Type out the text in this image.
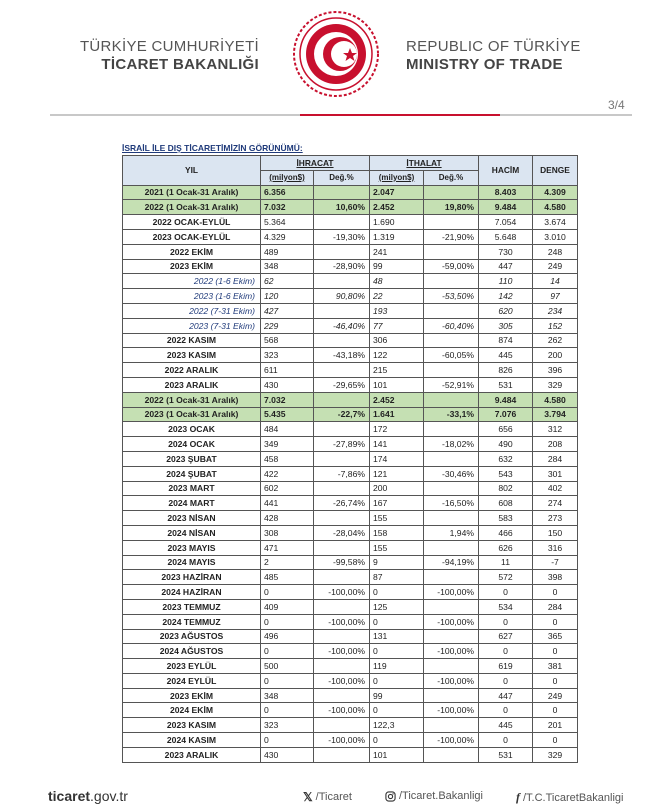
TÜRKİYE CUMHURİYETİ
TİCARET BAKANLIĞI
REPUBLIC OF TÜRKİYE
MINISTRY OF TRADE
3/4
İSRAİL İLE DIŞ TİCARETİMİZİN GÖRÜNÜMÜ:
YIL	İHRACAT		İTHALAT		HACİM	DENGE
	(milyon$)	Değ.%	(milyon$)	Değ.%		
2021 (1 Ocak-31 Aralık)	6.356		2.047		8.403	4.309
2022 (1 Ocak-31 Aralık)	7.032	10,60%	2.452	19,80%	9.484	4.580
2022 OCAK-EYLÜL	5.364		1.690		7.054	3.674
2023 OCAK-EYLÜL	4.329	-19,30%	1.319	-21,90%	5.648	3.010
2022 EKİM	489		241		730	248
2023 EKİM	348	-28,90%	99	-59,00%	447	249
2022 (1-6 Ekim)	62		48		110	14
2023 (1-6 Ekim)	120	90,80%	22	-53,50%	142	97
2022 (7-31 Ekim)	427		193		620	234
2023 (7-31 Ekim)	229	-46,40%	77	-60,40%	305	152
2022 KASIM	568		306		874	262
2023 KASIM	323	-43,18%	122	-60,05%	445	200
2022 ARALIK	611		215		826	396
2023 ARALIK	430	-29,65%	101	-52,91%	531	329
2022 (1 Ocak-31 Aralık)	7.032		2.452		9.484	4.580
2023 (1 Ocak-31 Aralık)	5.435	-22,7%	1.641	-33,1%	7.076	3.794
2023 OCAK	484		172		656	312
2024 OCAK	349	-27,89%	141	-18,02%	490	208
2023 ŞUBAT	458		174		632	284
2024 ŞUBAT	422	-7,86%	121	-30,46%	543	301
2023 MART	602		200		802	402
2024 MART	441	-26,74%	167	-16,50%	608	274
2023 NİSAN	428		155		583	273
2024 NİSAN	308	-28,04%	158	1,94%	466	150
2023 MAYIS	471		155		626	316
2024 MAYIS	2	-99,58%	9	-94,19%	11	-7
2023 HAZİRAN	485		87		572	398
2024 HAZİRAN	0	-100,00%	0	-100,00%	0	0
2023 TEMMUZ	409		125		534	284
2024 TEMMUZ	0	-100,00%	0	-100,00%	0	0
2023 AĞUSTOS	496		131		627	365
2024 AĞUSTOS	0	-100,00%	0	-100,00%	0	0
2023 EYLÜL	500		119		619	381
2024 EYLÜL	0	-100,00%	0	-100,00%	0	0
2023 EKİM	348		99		447	249
2024 EKİM	0	-100,00%	0	-100,00%	0	0
2023 KASIM	323		122,3		445	201
2024 KASIM	0	-100,00%	0	-100,00%	0	0
2023 ARALIK	430		101		531	329
ticaret.gov.tr	𝕏 /Ticaret	/Ticaret.Bakanligi	f /T.C.TicaretBakanligi
